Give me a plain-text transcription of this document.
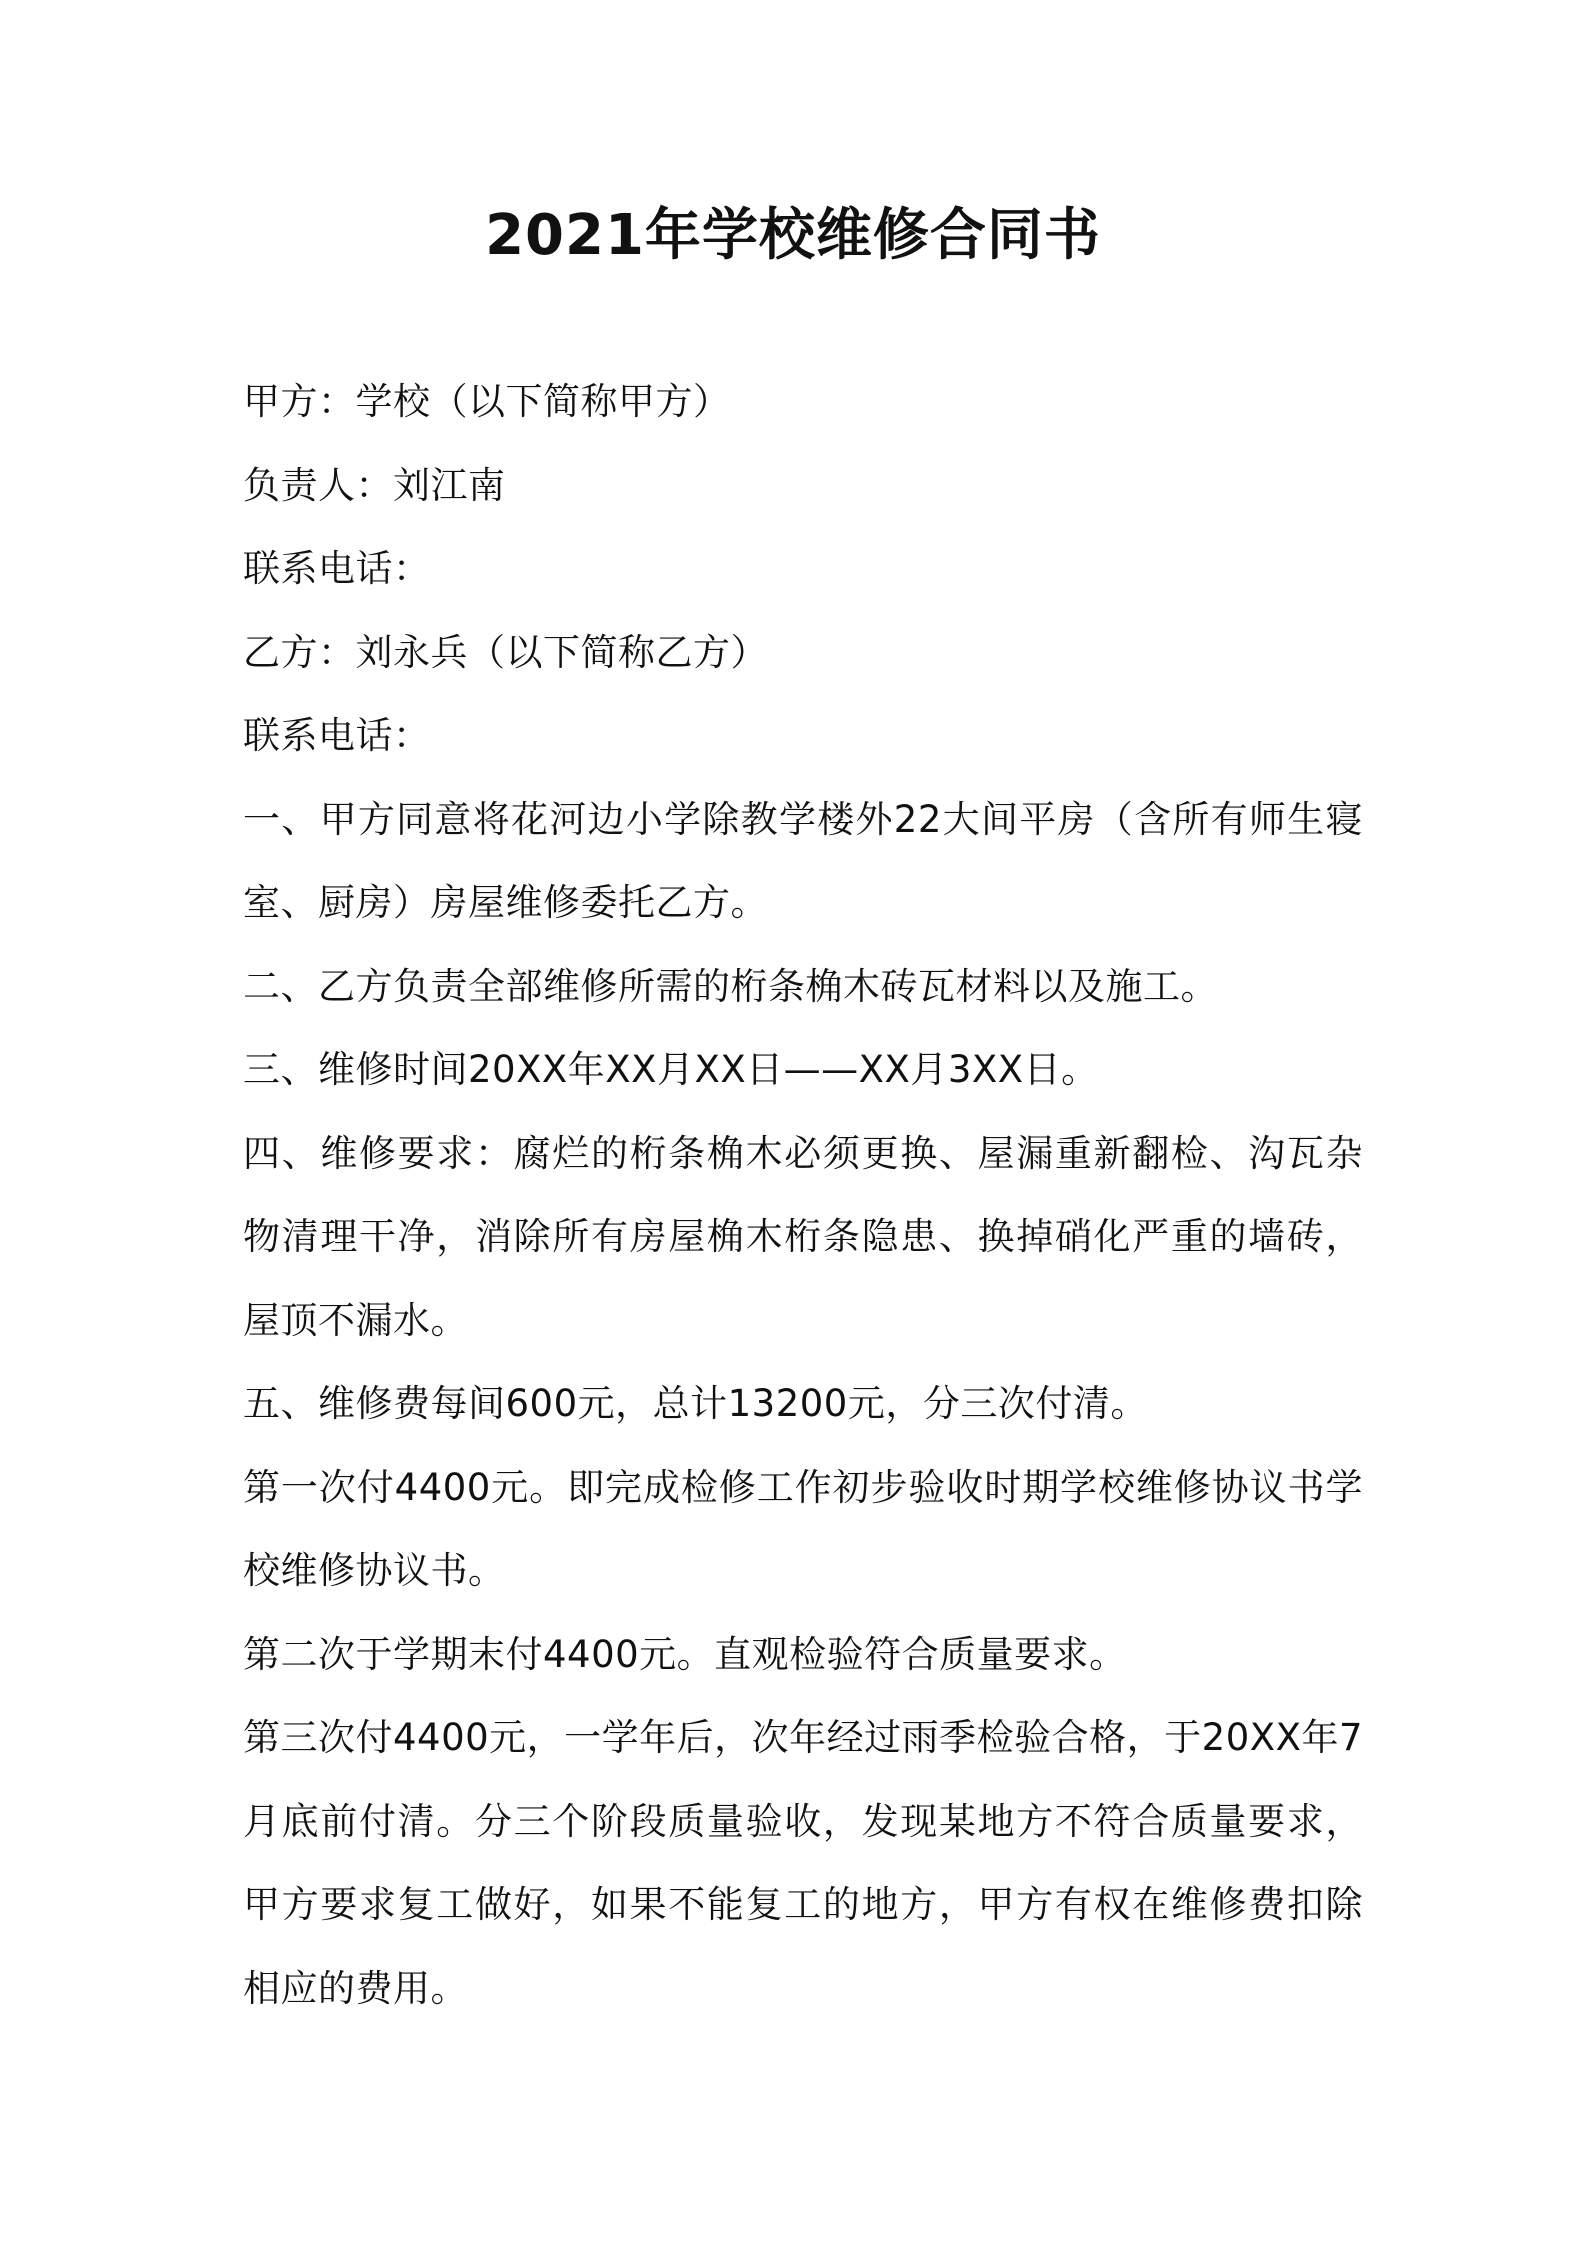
2021年学校维修合同书

甲方：学校（以下简称甲方）

负责人：刘江南

联系电话：

乙方：刘永兵（以下简称乙方）

联系电话：

一、甲方同意将花河边小学除教学楼外22大间平房（含所有师生寝室、厨房）房屋维修委托乙方。

二、乙方负责全部维修所需的桁条桷木砖瓦材料以及施工。

三、维修时间20XX年XX月XX日——XX月3XX日。

四、维修要求：腐烂的桁条桷木必须更换、屋漏重新翻检、沟瓦杂物清理干净，消除所有房屋桷木桁条隐患、换掉硝化严重的墙砖，屋顶不漏水。

五、维修费每间600元，总计13200元，分三次付清。

第一次付4400元。即完成检修工作初步验收时期学校维修协议书学校维修协议书。

第二次于学期末付4400元。直观检验符合质量要求。

第三次付4400元，一学年后，次年经过雨季检验合格，于20XX年7月底前付清。分三个阶段质量验收，发现某地方不符合质量要求，甲方要求复工做好，如果不能复工的地方，甲方有权在维修费扣除相应的费用。
